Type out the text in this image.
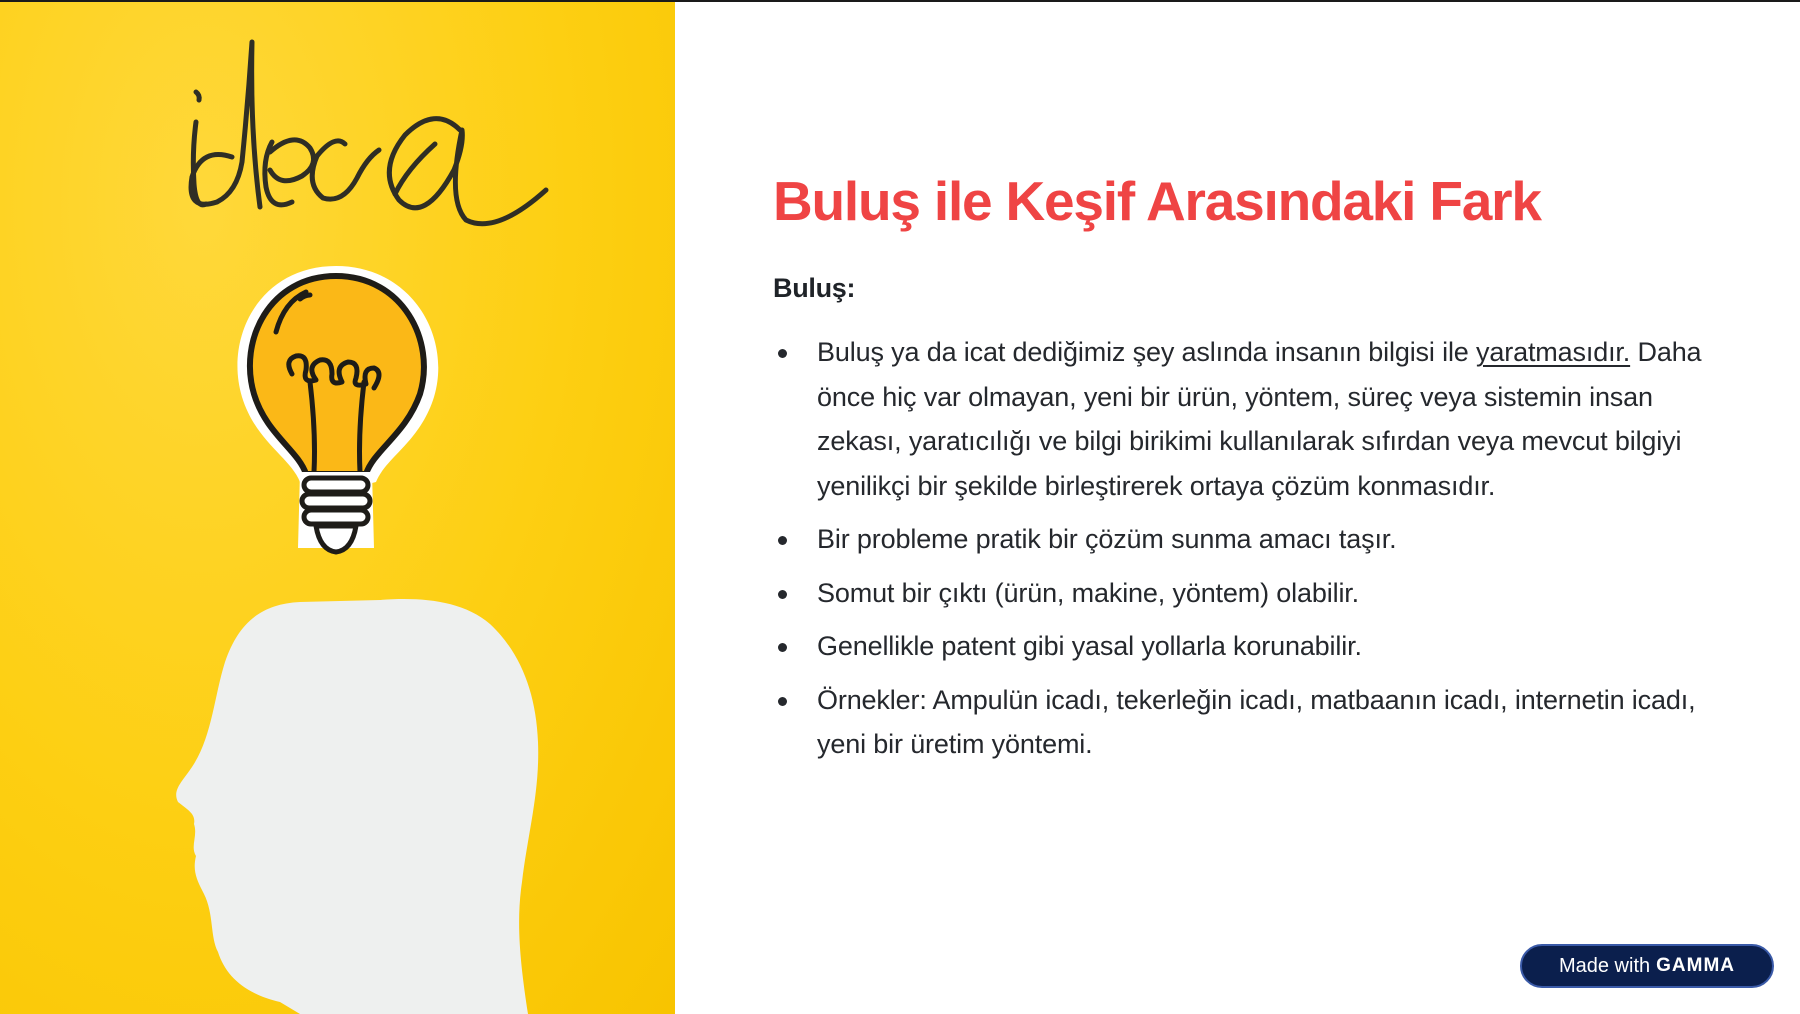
Buluş ile Keşif Arasındaki Fark
Buluş:
Buluş ya da icat dediğimiz şey aslında insanın bilgisi ile yaratmasıdır. Daha önce hiç var olmayan, yeni bir ürün, yöntem, süreç veya sistemin insan zekası, yaratıcılığı ve bilgi birikimi kullanılarak sıfırdan veya mevcut bilgiyi yenilikçi bir şekilde birleştirerek ortaya çözüm konmasıdır.
Bir probleme pratik bir çözüm sunma amacı taşır.
Somut bir çıktı (ürün, makine, yöntem) olabilir.
Genellikle patent gibi yasal yollarla korunabilir.
Örnekler: Ampulün icadı, tekerleğin icadı, matbaanın icadı, internetin icadı, yeni bir üretim yöntemi.
Made with GAMMA
